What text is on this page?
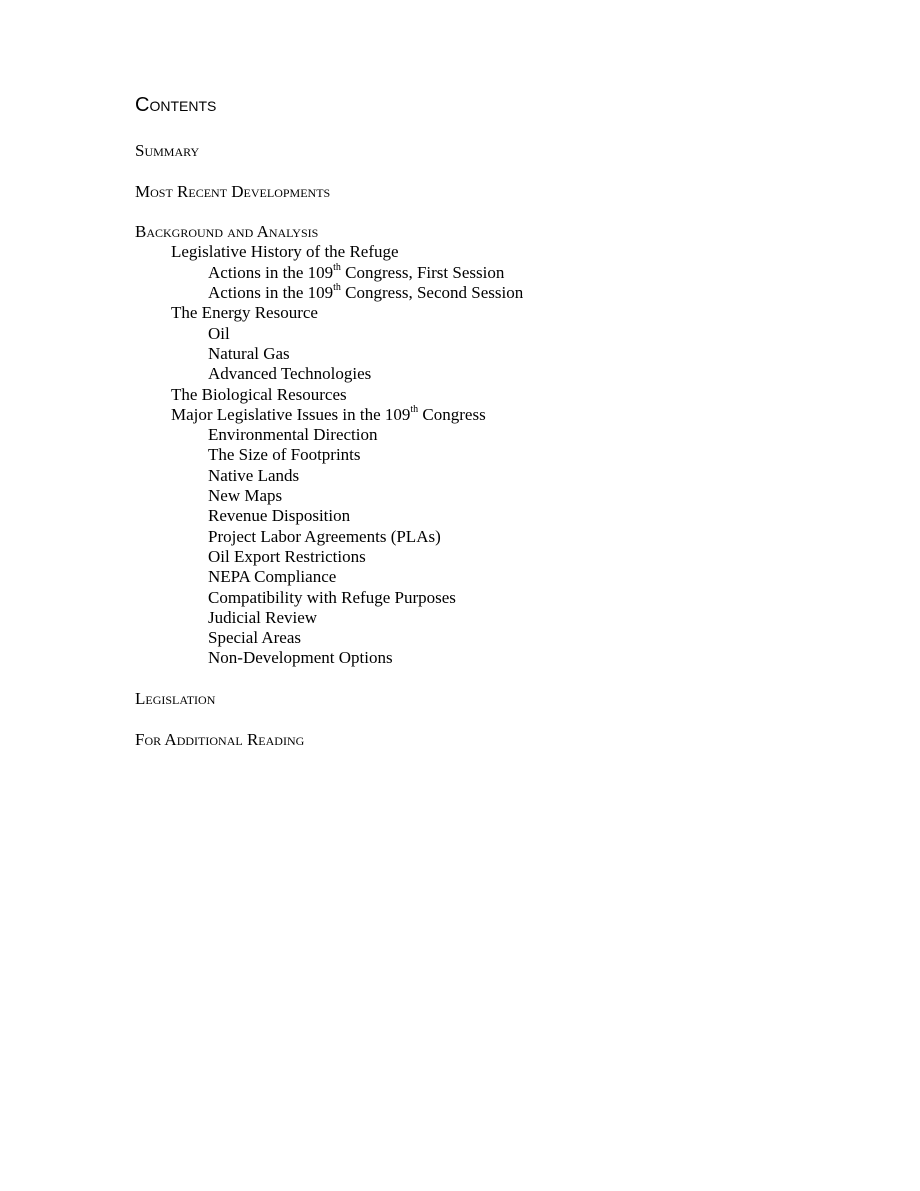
Contents
Summary
Most Recent Developments
Background and Analysis
Legislative History of the Refuge
Actions in the 109th Congress, First Session
Actions in the 109th Congress, Second Session
The Energy Resource
Oil
Natural Gas
Advanced Technologies
The Biological Resources
Major Legislative Issues in the 109th Congress
Environmental Direction
The Size of Footprints
Native Lands
New Maps
Revenue Disposition
Project Labor Agreements (PLAs)
Oil Export Restrictions
NEPA Compliance
Compatibility with Refuge Purposes
Judicial Review
Special Areas
Non-Development Options
Legislation
For Additional Reading
